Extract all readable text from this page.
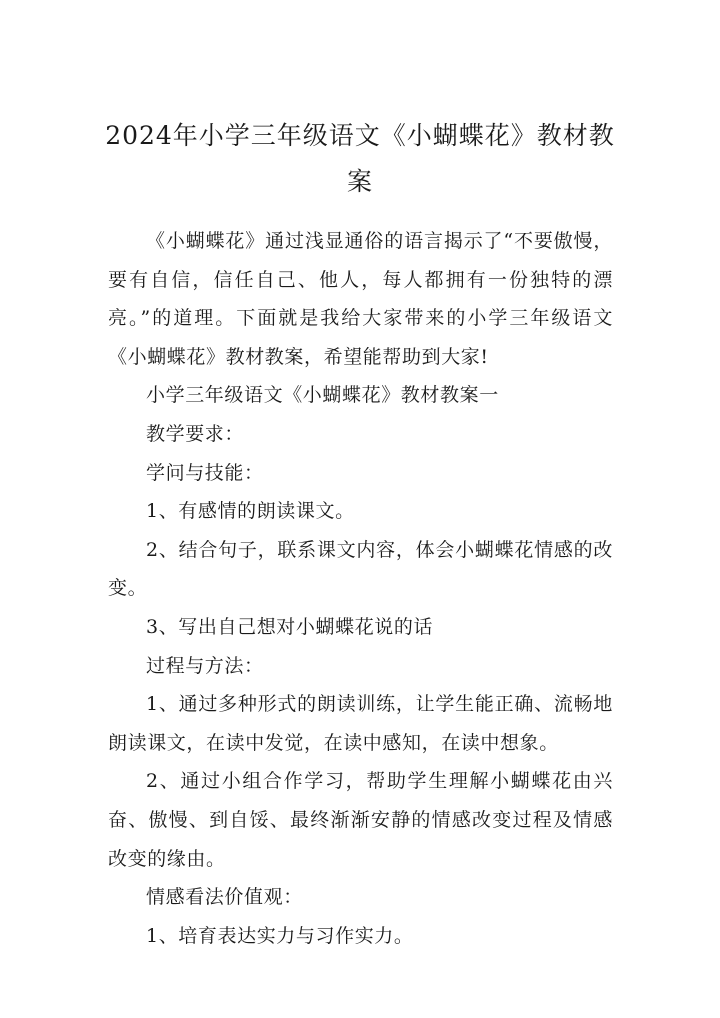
2024年小学三年级语文《小蝴蝶花》教材教案

《小蝴蝶花》通过浅显通俗的语言揭示了“不要傲慢，要有自信，信任自己、他人，每人都拥有一份独特的漂亮。”的道理。下面就是我给大家带来的小学三年级语文《小蝴蝶花》教材教案，希望能帮助到大家!

小学三年级语文《小蝴蝶花》教材教案一

教学要求：

学问与技能：

1、有感情的朗读课文。

2、结合句子，联系课文内容，体会小蝴蝶花情感的改变。

3、写出自己想对小蝴蝶花说的话

过程与方法：

1、通过多种形式的朗读训练，让学生能正确、流畅地朗读课文，在读中发觉，在读中感知，在读中想象。

2、通过小组合作学习，帮助学生理解小蝴蝶花由兴奋、傲慢、到自馁、最终渐渐安静的情感改变过程及情感改变的缘由。

情感看法价值观：

1、培育表达实力与习作实力。
